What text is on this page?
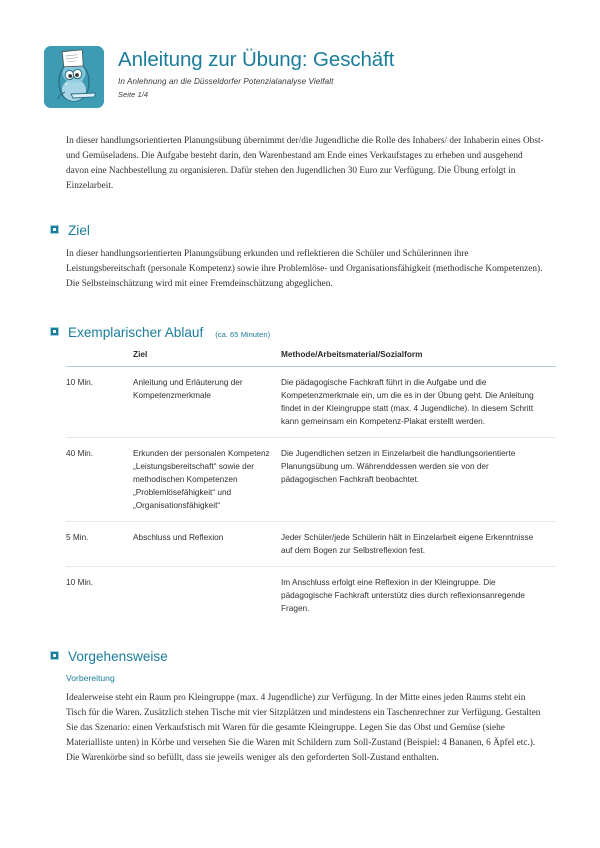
Anleitung zur Übung: Geschäft

In Anlehnung an die Düsseldorfer Potenzialanalyse Vielfalt

Seite 1/4

In dieser handlungsorientierten Planungsübung übernimmt der/die Jugendliche die Rolle des Inhabers/ der Inhaberin eines Obst- und Gemüseladens. Die Aufgabe besteht darin, den Warenbestand am Ende eines Verkaufstages zu erheben und ausgehend davon eine Nachbestellung zu organisieren. Dafür stehen den Jugendlichen 30 Euro zur Verfügung. Die Übung erfolgt in Einzelarbeit.

Ziel

In dieser handlungsorientierten Planungsübung erkunden und reflektieren die Schüler und Schülerinnen ihre Leistungsbereitschaft (personale Kompetenz) sowie ihre Problemlöse- und Organisationsfähigkeit (methodische Kompetenzen). Die Selbsteinschätzung wird mit einer Fremdeinschätzung abgeglichen.

Exemplarischer Ablauf (ca. 65 Minuten)
	Ziel	Methode/Arbeitsmaterial/Sozialform
10 Min.	Anleitung und Erläuterung der Kompetenzmerkmale	Die pädagogische Fachkraft führt in die Aufgabe und die Kompetenzmerkmale ein, um die es in der Übung geht. Die Anleitung findet in der Kleingruppe statt (max. 4 Jugendliche). In diesem Schritt kann gemeinsam ein Kompetenz-Plakat erstellt werden.
40 Min.	Erkunden der personalen Kompetenz „Leistungsbereitschaft“ sowie der methodischen Kompetenzen „Problemlösefähigkeit“ und „Organisationsfähigkeit“	Die Jugendlichen setzen in Einzelarbeit die handlungsorientierte Planungsübung um. Währenddessen werden sie von der pädagogischen Fachkraft beobachtet.
5 Min.	Abschluss und Reflexion	Jeder Schüler/jede Schülerin hält in Einzelarbeit eigene Erkenntnisse auf dem Bogen zur Selbstreflexion fest.
10 Min.		Im Anschluss erfolgt eine Reflexion in der Kleingruppe. Die pädagogische Fachkraft unterstütz dies durch reflexionsanregende Fragen.
Vorgehensweise
Vorbereitung

Idealerweise steht ein Raum pro Kleingruppe (max. 4 Jugendliche) zur Verfügung. In der Mitte eines jeden Raums steht ein Tisch für die Waren. Zusätzlich stehen Tische mit vier Sitzplätzen und mindestens ein Taschenrechner zur Verfügung. Gestalten Sie das Szenario: einen Verkaufstisch mit Waren für die gesamte Kleingruppe. Legen Sie das Obst und Gemüse (siehe Materialliste unten) in Körbe und versehen Sie die Waren mit Schildern zum Soll-Zustand (Beispiel: 4 Bananen, 6 Äpfel etc.). Die Warenkörbe sind so befüllt, dass sie jeweils weniger als den geforderten Soll-Zustand enthalten.
